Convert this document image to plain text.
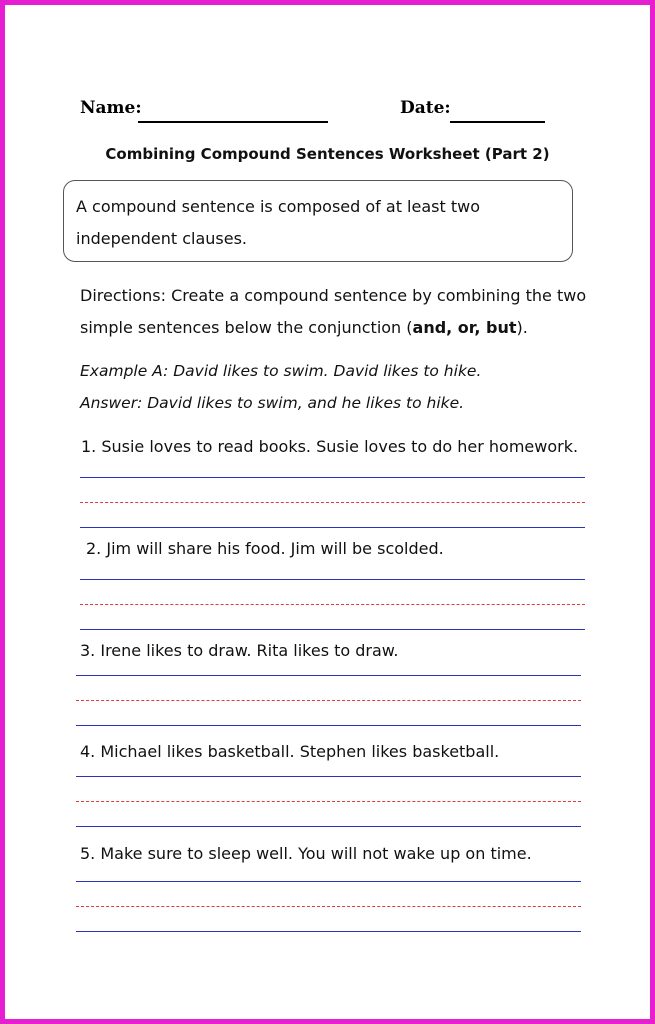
Name:	Date:
Combining Compound Sentences Worksheet (Part 2)
A compound sentence is composed of at least two independent clauses.
Directions: Create a compound sentence by combining the two simple sentences below the conjunction (and, or, but).
Example A: David likes to swim. David likes to hike.
Answer: David likes to swim, and he likes to hike.
1. Susie loves to read books. Susie loves to do her homework.
2. Jim will share his food. Jim will be scolded.
3. Irene likes to draw. Rita likes to draw.
4. Michael likes basketball. Stephen likes basketball.
5. Make sure to sleep well. You will not wake up on time.
